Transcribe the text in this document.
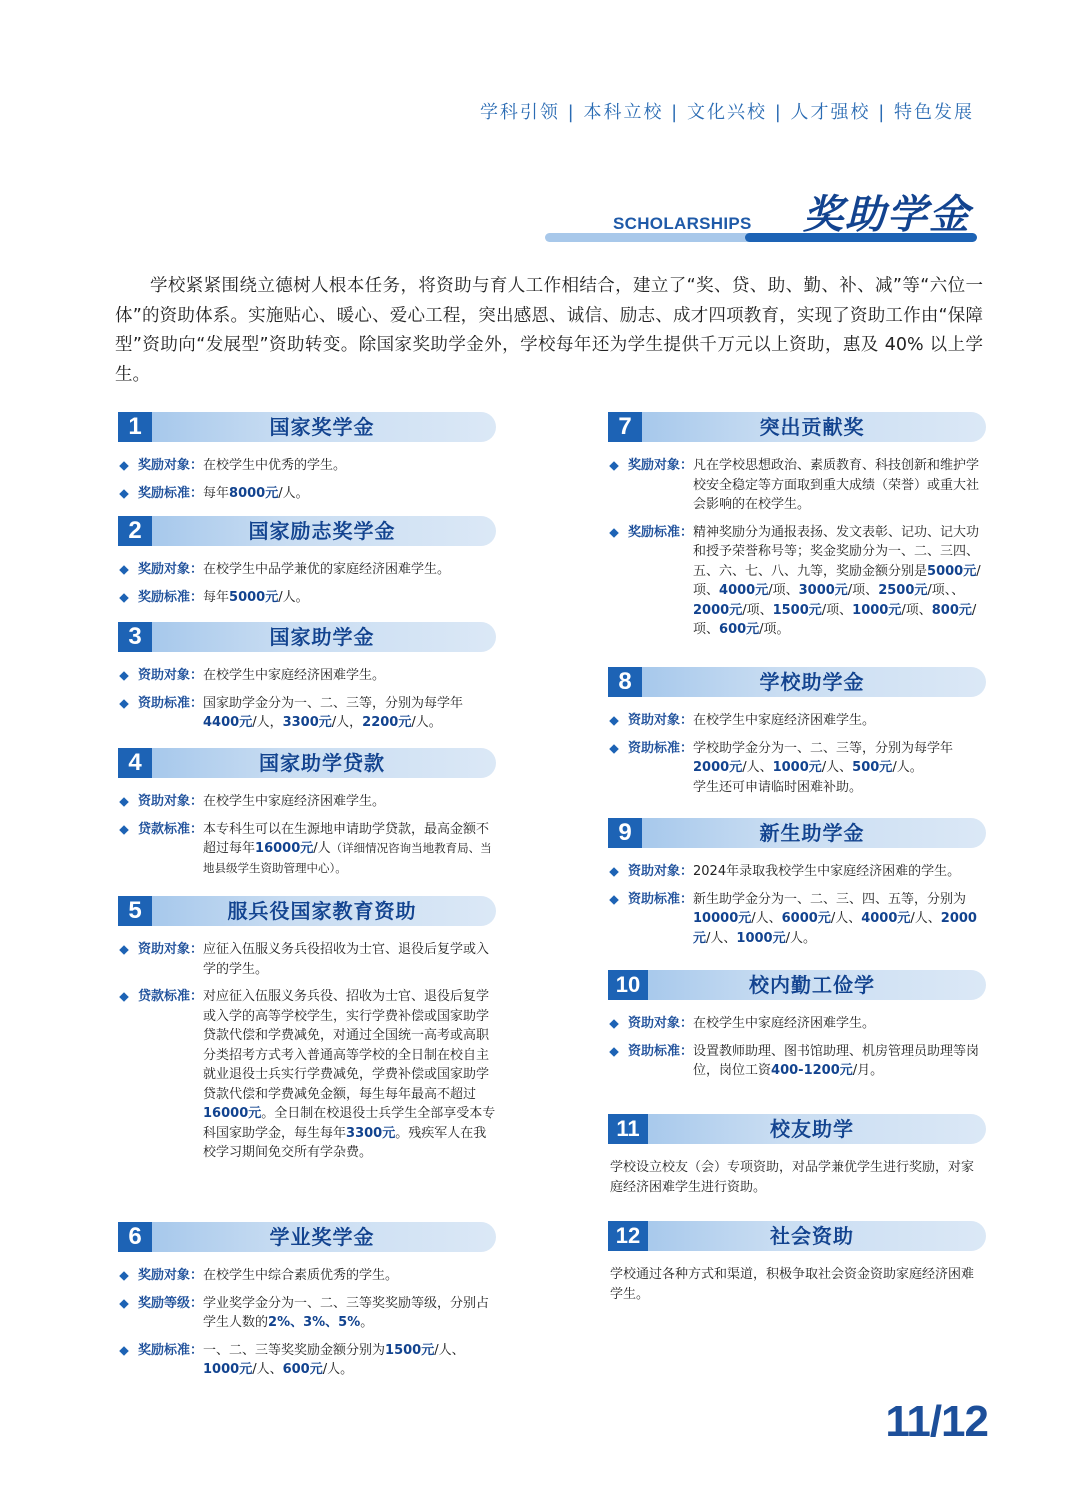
学科引领 | 本科立校 | 文化兴校 | 人才强校 | 特色发展
SCHOLARSHIPS 奖助学金

学校紧紧围绕立德树人根本任务，将资助与育人工作相结合，建立了“奖、贷、助、勤、补、减”等“六位一体”的资助体系。实施贴心、暖心、爱心工程，突出感恩、诚信、励志、成才四项教育，实现了资助工作由“保障型”资助向“发展型”资助转变。除国家奖助学金外，学校每年还为学生提供千万元以上资助，惠及 40% 以上学生。

1	国家奖学金
奖励对象： 在校学生中优秀的学生。
奖励标准： 每年8000元/人。
2	国家励志奖学金
奖励对象： 在校学生中品学兼优的家庭经济困难学生。
奖励标准： 每年5000元/人。
3	国家助学金
资助对象： 在校学生中家庭经济困难学生。
资助标准： 国家助学金分为一、二、三等，分别为每学年4400元/人，3300元/人，2200元/人。
4	国家助学贷款
资助对象： 在校学生中家庭经济困难学生。
贷款标准： 本专科生可以在生源地申请助学贷款，最高金额不超过每年16000元/人（详细情况咨询当地教育局、当地县级学生资助管理中心）。
5	服兵役国家教育资助
资助对象： 应征入伍服义务兵役招收为士官、退役后复学或入学的学生。
贷款标准： 对应征入伍服义务兵役、招收为士官、退役后复学或入学的高等学校学生，实行学费补偿或国家助学贷款代偿和学费减免，对通过全国统一高考或高职分类招考方式考入普通高等学校的全日制在校自主就业退役士兵实行学费减免，学费补偿或国家助学贷款代偿和学费减免金额，每生每年最高不超过16000元。全日制在校退役士兵学生全部享受本专科国家助学金，每生每年3300元。残疾军人在我校学习期间免交所有学杂费。
6	学业奖学金
奖励对象： 在校学生中综合素质优秀的学生。
奖励等级： 学业奖学金分为一、二、三等奖奖励等级，分别占学生人数的2%、3%、5%。
奖励标准： 一、二、三等奖奖励金额分别为1500元/人、1000元/人、600元/人。
7	突出贡献奖
奖励对象： 凡在学校思想政治、素质教育、科技创新和维护学校安全稳定等方面取到重大成绩（荣誉）或重大社会影响的在校学生。
奖励标准： 精神奖励分为通报表扬、发文表彰、记功、记大功和授予荣誉称号等；奖金奖励分为一、二、三四、五、六、七、八、九等，奖励金额分别是5000元/项、4000元/项、3000元/项、2500元/项、、2000元/项、1500元/项、1000元/项、800元/项、600元/项。
8	学校助学金
资助对象： 在校学生中家庭经济困难学生。
资助标准： 学校助学金分为一、二、三等，分别为每学年2000元/人、1000元/人、500元/人。
学生还可申请临时困难补助。
9	新生助学金
资助对象： 2024年录取我校学生中家庭经济困难的学生。
资助标准： 新生助学金分为一、二、三、四、五等，分别为10000元/人、6000元/人、4000元/人、2000元/人、1000元/人。
10	校内勤工俭学
资助对象： 在校学生中家庭经济困难学生。
资助标准： 设置教师助理、图书馆助理、机房管理员助理等岗位，岗位工资400-1200元/月。
11	校友助学

学校设立校友（会）专项资助，对品学兼优学生进行奖励，对家庭经济困难学生进行资助。

12	社会资助

学校通过各种方式和渠道，积极争取社会资金资助家庭经济困难学生。

11/12
